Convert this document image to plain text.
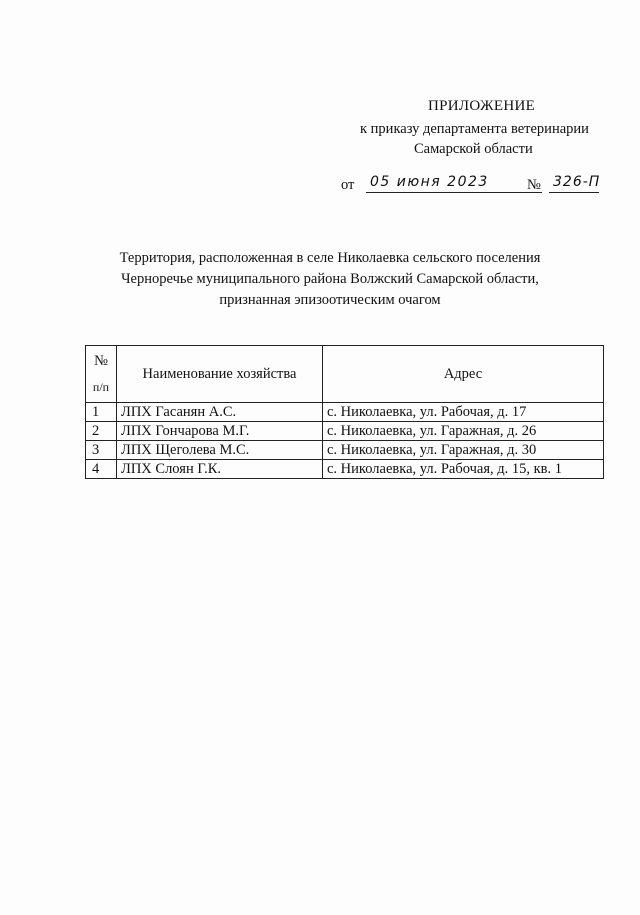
ПРИЛОЖЕНИЕ
к приказу департамента ветеринарии
Самарской области
от 05 июня 2023	№ 326-П
Территория, расположенная в селе Николаевка сельского поселения
Черноречье муниципального района Волжский Самарской области,
признанная эпизоотическим очагом
№
п/п	Наименование хозяйства	Адрес
1	ЛПХ Гасанян А.С.	с. Николаевка, ул. Рабочая, д. 17
2	ЛПХ Гончарова М.Г.	с. Николаевка, ул. Гаражная, д. 26
3	ЛПХ Щеголева М.С.	с. Николаевка, ул. Гаражная, д. 30
4	ЛПХ Слоян Г.К.	с. Николаевка, ул. Рабочая, д. 15, кв. 1
